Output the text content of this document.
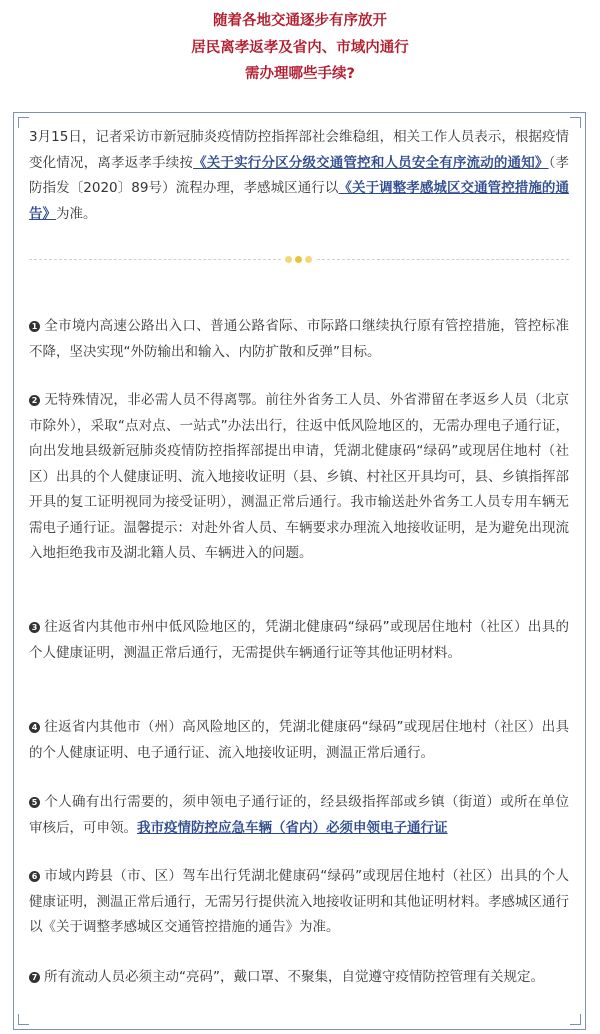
随着各地交通逐步有序放开
居民离孝返孝及省内、市域内通行
需办理哪些手续?

3月15日，记者采访市新冠肺炎疫情防控指挥部社会维稳组，相关工作人员表示，根据疫情变化情况，离孝返孝手续按《关于实行分区分级交通管控和人员安全有序流动的通知》（孝防指发〔2020〕89号）流程办理，孝感城区通行以《关于调整孝感城区交通管控措施的通告》为准。

1 全市境内高速公路出入口、普通公路省际、市际路口继续执行原有管控措施，管控标准不降，坚决实现“外防输出和输入、内防扩散和反弹”目标。

2 无特殊情况，非必需人员不得离鄂。前往外省务工人员、外省滞留在孝返乡人员（北京市除外），采取“点对点、一站式”办法出行，往返中低风险地区的，无需办理电子通行证，向出发地县级新冠肺炎疫情防控指挥部提出申请，凭湖北健康码“绿码”或现居住地村（社区）出具的个人健康证明、流入地接收证明（县、乡镇、村社区开具均可，县、乡镇指挥部开具的复工证明视同为接受证明），测温正常后通行。我市输送赴外省务工人员专用车辆无需电子通行证。温馨提示：对赴外省人员、车辆要求办理流入地接收证明，是为避免出现流入地拒绝我市及湖北籍人员、车辆进入的问题。

3 往返省内其他市州中低风险地区的，凭湖北健康码“绿码”或现居住地村（社区）出具的个人健康证明，测温正常后通行，无需提供车辆通行证等其他证明材料。

4 往返省内其他市（州）高风险地区的，凭湖北健康码“绿码”或现居住地村（社区）出具的个人健康证明、电子通行证、流入地接收证明，测温正常后通行。

5 个人确有出行需要的，须申领电子通行证的，经县级指挥部或乡镇（街道）或所在单位审核后，可申领。我市疫情防控应急车辆（省内）必须申领电子通行证

6 市域内跨县（市、区）驾车出行凭湖北健康码“绿码”或现居住地村（社区）出具的个人健康证明，测温正常后通行，无需另行提供流入地接收证明和其他证明材料。孝感城区通行以《关于调整孝感城区交通管控措施的通告》为准。

7 所有流动人员必须主动“亮码”，戴口罩、不聚集，自觉遵守疫情防控管理有关规定。
